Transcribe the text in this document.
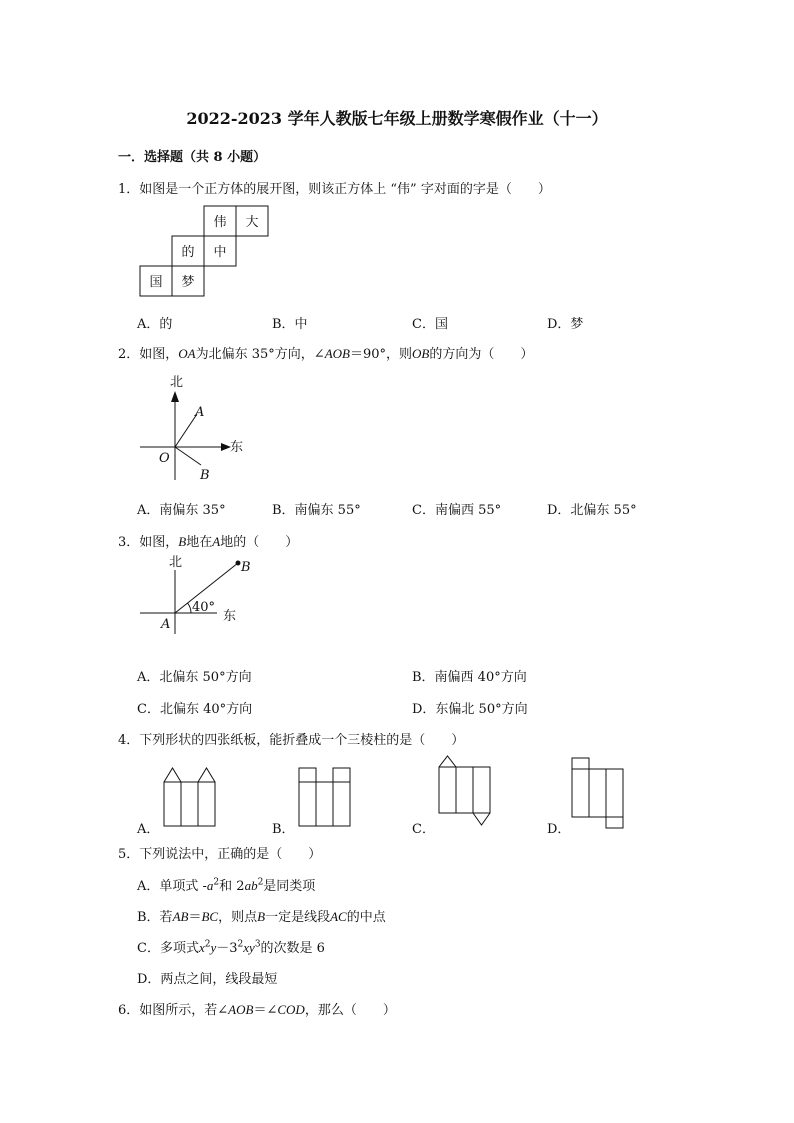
2022-2023 学年人教版七年级上册数学寒假作业（十一）
一．选择题（共 8 小题）
1．如图是一个正方体的展开图，则该正方体上 “伟” 字对面的字是（　　）
伟 大
的 中
国 梦
A．的	B．中	C．国	D．梦
2．如图，OA为北偏东 35°方向，∠AOB＝90°，则OB的方向为（　　）
北
东
O
A
B
A．南偏东 35°	B．南偏东 55°	C．南偏西 55°	D．北偏东 55°
3．如图，B地在A地的（　　）
北
东
A
B
40°
A．北偏东 50°方向	B．南偏西 40°方向
C．北偏东 40°方向	D．东偏北 50°方向
4．下列形状的四张纸板，能折叠成一个三棱柱的是（　　）
A．	B．	C．	D．
5．下列说法中，正确的是（　　）
A．单项式 $-a^2$和 $2ab^2$是同类项
B．若AB＝BC，则点B一定是线段AC的中点
C．多项式$x^2y-3^2xy^3$的次数是 6
D．两点之间，线段最短
6．如图所示，若∠AOB＝∠COD，那么（　　）
